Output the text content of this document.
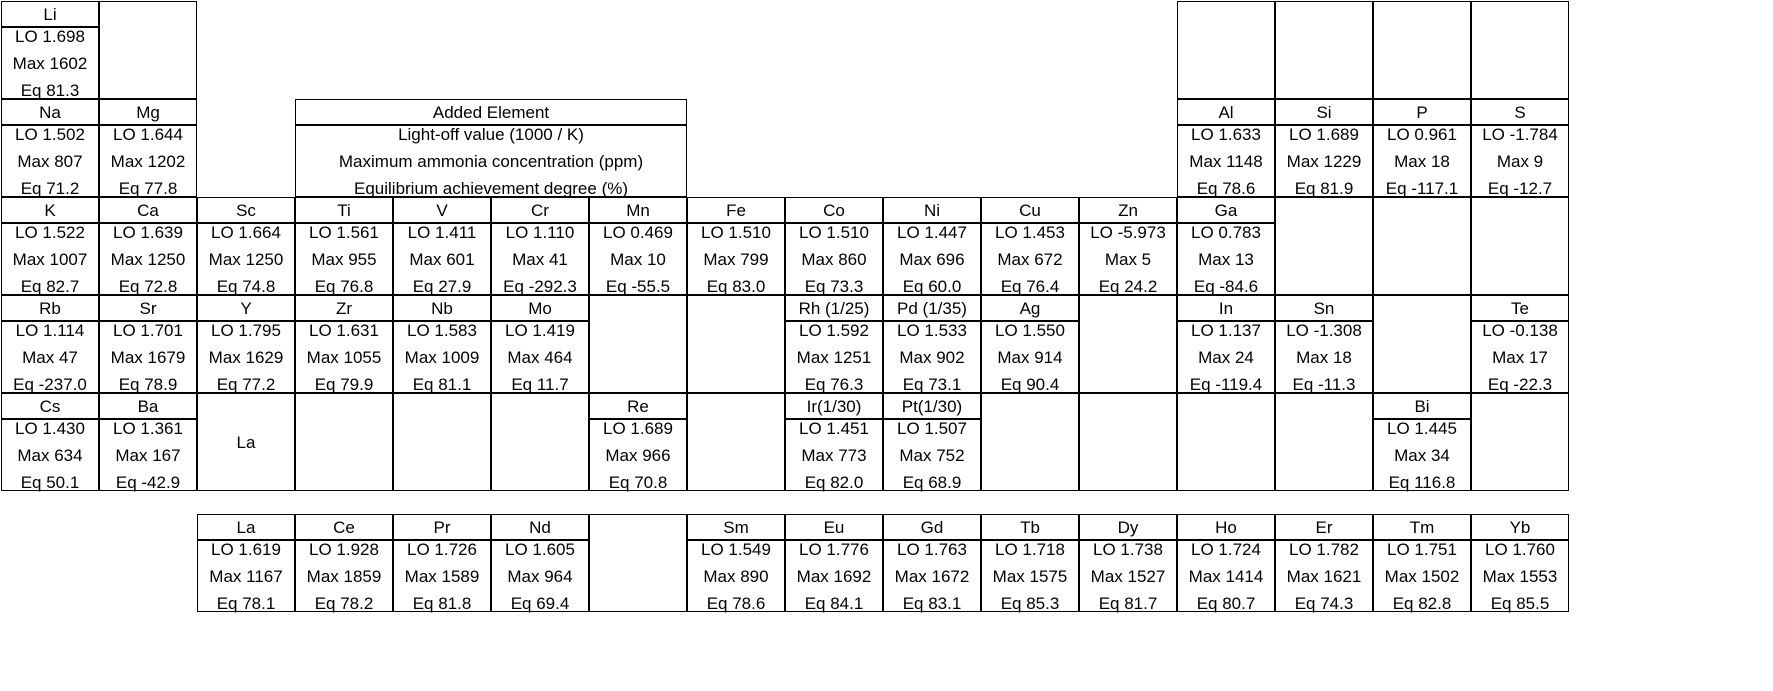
Li
LO 1.698
Max 1602
Eq 81.3
Na
LO 1.502
Max 807
Eq 71.2
Mg
LO 1.644
Max 1202
Eq 77.8
Al
LO 1.633
Max 1148
Eq 78.6
Si
LO 1.689
Max 1229
Eq 81.9
P
LO 0.961
Max 18
Eq -117.1
S
LO -1.784
Max 9
Eq -12.7
K
LO 1.522
Max 1007
Eq 82.7
Ca
LO 1.639
Max 1250
Eq 72.8
Sc
LO 1.664
Max 1250
Eq 74.8
Ti
LO 1.561
Max 955
Eq 76.8
V
LO 1.411
Max 601
Eq 27.9
Cr
LO 1.110
Max 41
Eq -292.3
Mn
LO 0.469
Max 10
Eq -55.5
Fe
LO 1.510
Max 799
Eq 83.0
Co
LO 1.510
Max 860
Eq 73.3
Ni
LO 1.447
Max 696
Eq 60.0
Cu
LO 1.453
Max 672
Eq 76.4
Zn
LO -5.973
Max 5
Eq 24.2
Ga
LO 0.783
Max 13
Eq -84.6
Rb
LO 1.114
Max 47
Eq -237.0
Sr
LO 1.701
Max 1679
Eq 78.9
Y
LO 1.795
Max 1629
Eq 77.2
Zr
LO 1.631
Max 1055
Eq 79.9
Nb
LO 1.583
Max 1009
Eq 81.1
Mo
LO 1.419
Max 464
Eq 11.7
Rh (1/25)
LO 1.592
Max 1251
Eq 76.3
Pd (1/35)
LO 1.533
Max 902
Eq 73.1
Ag
LO 1.550
Max 914
Eq 90.4
In
LO 1.137
Max 24
Eq -119.4
Sn
LO -1.308
Max 18
Eq -11.3
Te
LO -0.138
Max 17
Eq -22.3
Cs
LO 1.430
Max 634
Eq 50.1
Ba
LO 1.361
Max 167
Eq -42.9
Re
LO 1.689
Max 966
Eq 70.8
Ir(1/30)
LO 1.451
Max 773
Eq 82.0
Pt(1/30)
LO 1.507
Max 752
Eq 68.9
Bi
LO 1.445
Max 34
Eq 116.8
La
LO 1.619
Max 1167
Eq 78.1
Ce
LO 1.928
Max 1859
Eq 78.2
Pr
LO 1.726
Max 1589
Eq 81.8
Nd
LO 1.605
Max 964
Eq 69.4
Sm
LO 1.549
Max 890
Eq 78.6
Eu
LO 1.776
Max 1692
Eq 84.1
Gd
LO 1.763
Max 1672
Eq 83.1
Tb
LO 1.718
Max 1575
Eq 85.3
Dy
LO 1.738
Max 1527
Eq 81.7
Ho
LO 1.724
Max 1414
Eq 80.7
Er
LO 1.782
Max 1621
Eq 74.3
Tm
LO 1.751
Max 1502
Eq 82.8
Yb
LO 1.760
Max 1553
Eq 85.5
La
Added Element
Light-off value (1000 / K)
Maximum ammonia concentration (ppm)
Equilibrium achievement degree (%)
